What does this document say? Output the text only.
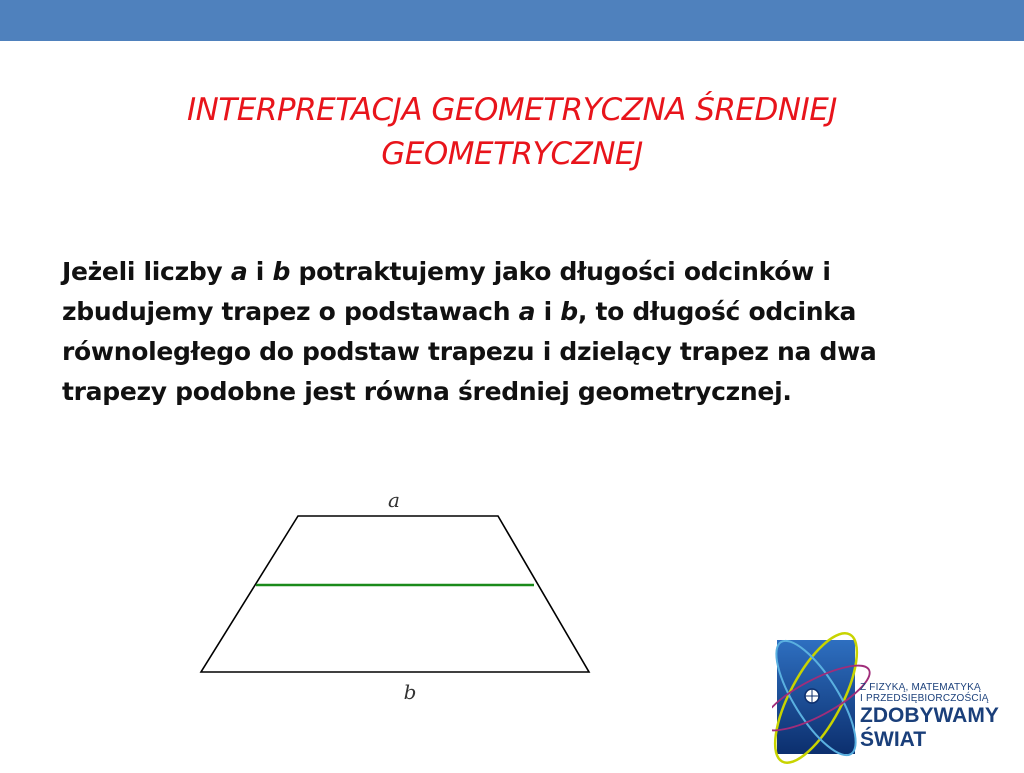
INTERPRETACJA GEOMETRYCZNA ŚREDNIEJ GEOMETRYCZNEJ
Jeżeli liczby a i b potraktujemy jako długości odcinków i zbudujemy trapez o podstawach a i b, to długość odcinka równoległego do podstaw trapezu i dzielący trapez na dwa trapezy podobne jest równa średniej geometrycznej.
a
b	Z FIZYKĄ, MATEMATYKĄ
I PRZEDSIĘBIORCZOŚCIĄ
ZDOBYWAMY
ŚWIAT
